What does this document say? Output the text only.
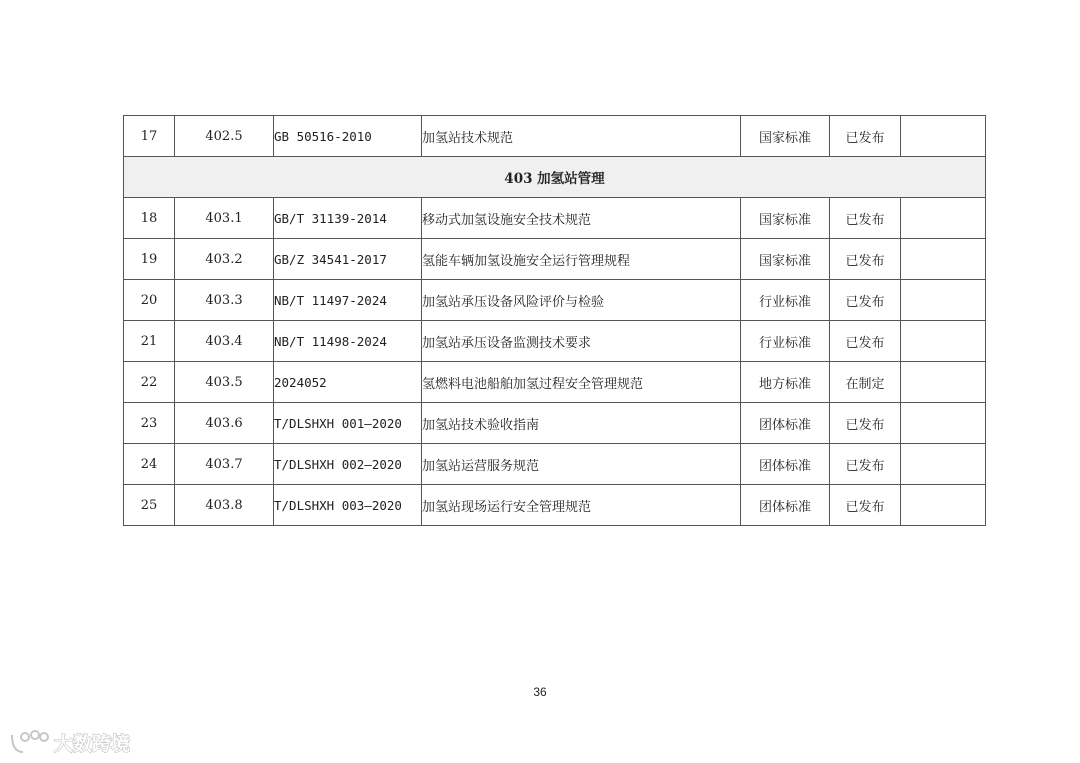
17	402.5	GB 50516-2010	加氢站技术规范	国家标准	已发布	
403 加氢站管理						
18	403.1	GB/T 31139-2014	移动式加氢设施安全技术规范	国家标准	已发布	
19	403.2	GB/Z 34541-2017	氢能车辆加氢设施安全运行管理规程	国家标准	已发布	
20	403.3	NB/T 11497-2024	加氢站承压设备风险评价与检验	行业标准	已发布	
21	403.4	NB/T 11498-2024	加氢站承压设备监测技术要求	行业标准	已发布	
22	403.5	2024052	氢燃料电池船舶加氢过程安全管理规范	地方标准	在制定	
23	403.6	T/DLSHXH 001—2020	加氢站技术验收指南	团体标准	已发布	
24	403.7	T/DLSHXH 002—2020	加氢站运营服务规范	团体标准	已发布	
25	403.8	T/DLSHXH 003—2020	加氢站现场运行安全管理规范	团体标准	已发布	
36
大数跨境
